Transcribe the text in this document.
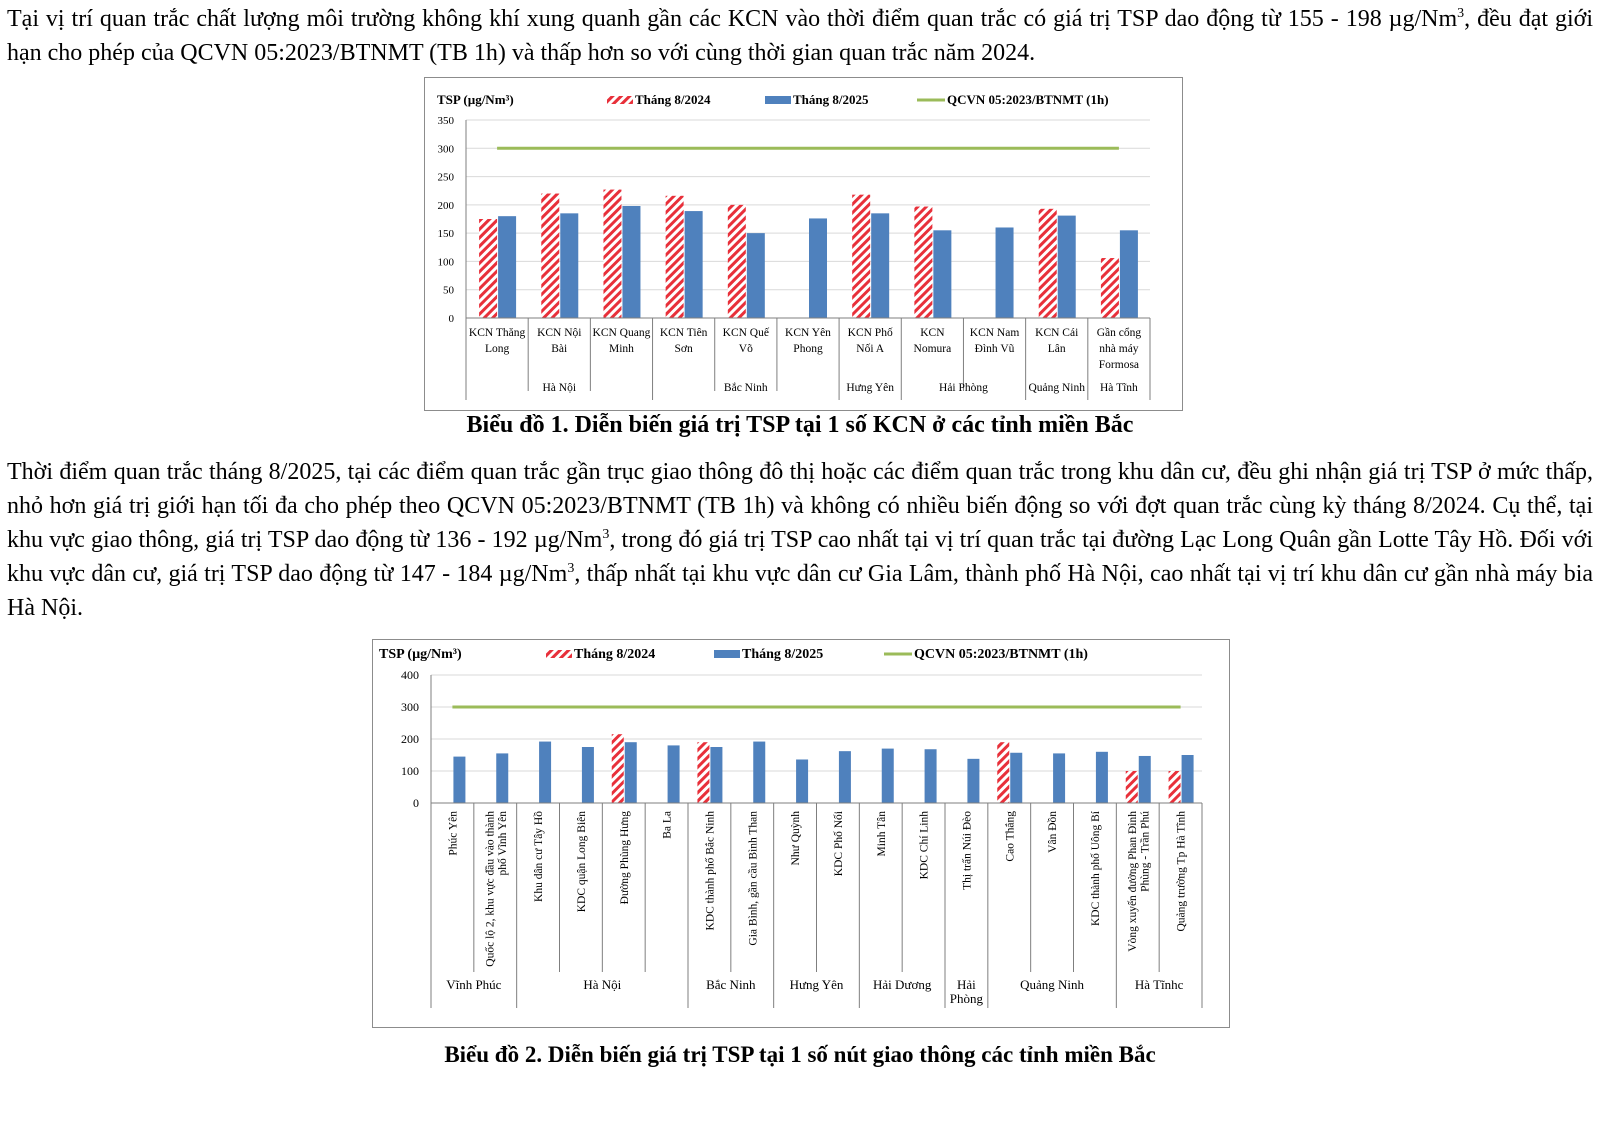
Tại vị trí quan trắc chất lượng môi trường không khí xung quanh gần các KCN vào thời điểm quan trắc có giá trị TSP dao động từ 155 - 198 µg/Nm$^3$, đều đạt giới hạn cho phép của QCVN 05:2023/BTNMT (TB 1h) và thấp hơn so với cùng thời gian quan trắc năm 2024.

0
50
100
150
200
250
300
350
KCN Thăng Long
KCN Nội Bài
KCN Quang Minh
KCN Tiên Sơn
KCN Quế Võ
KCN Yên Phong
KCN Phố Nối A
KCN Nomura
KCN Nam Đình Vũ
KCN Cái Lân
Gần cổng nhà máy Formosa
Hà Nội	Bắc Ninh	Hưng Yên	Hải Phòng	Quảng Ninh Hà Tĩnh
TSP (µg/Nm³)	Tháng 8/2024	Tháng 8/2025	QCVN 05:2023/BTNMT (1h)

Biểu đồ 1. Diễn biến giá trị TSP tại 1 số KCN ở các tỉnh miền Bắc

Thời điểm quan trắc tháng 8/2025, tại các điểm quan trắc gần trục giao thông đô thị hoặc các điểm quan trắc trong khu dân cư, đều ghi nhận giá trị TSP ở mức thấp, nhỏ hơn giá trị giới hạn tối đa cho phép theo QCVN 05:2023/BTNMT (TB 1h) và không có nhiều biến động so với đợt quan trắc cùng kỳ tháng 8/2024. Cụ thể, tại khu vực giao thông, giá trị TSP dao động từ 136 - 192 µg/Nm$^3$, trong đó giá trị TSP cao nhất tại vị trí quan trắc tại đường Lạc Long Quân gần Lotte Tây Hồ. Đối với khu vực dân cư, giá trị TSP dao động từ 147 - 184 µg/Nm$^3$, thấp nhất tại khu vực dân cư Gia Lâm, thành phố Hà Nội, cao nhất tại vị trí khu dân cư gần nhà máy bia Hà Nội.

0
100
200
300
400
Phúc Yên Quốc lộ 2, khu vực đầu vào thànhphố Vĩnh Yên Khu dân cư Tây Hồ	KDC quận Long Biên	Đường Phùng Hưng	Ba La	KDC thành phố Bắc Ninh	Gia Bình, gần cầu Bình Than	Như Quỳnh	KDC Phố Nối	Minh Tân	KDC Chí Linh	Thị trấn Núi Đèo	Cao Thắng	Vân Đồn	KDC thành phố Uông Bí Vòng xuyến đường Phan ĐìnhPhùng - Trần Phú Quảng trường Tp Hà Tĩnh
Vĩnh Phúc	Hà Nội	Bắc Ninh	Hưng Yên Hải Dương	Hải Phòng
Quảng Ninh	Hà Tĩnhc
TSP (µg/Nm³)	Tháng 8/2024	Tháng 8/2025	QCVN 05:2023/BTNMT (1h)

Biểu đồ 2. Diễn biến giá trị TSP tại 1 số nút giao thông các tỉnh miền Bắc
